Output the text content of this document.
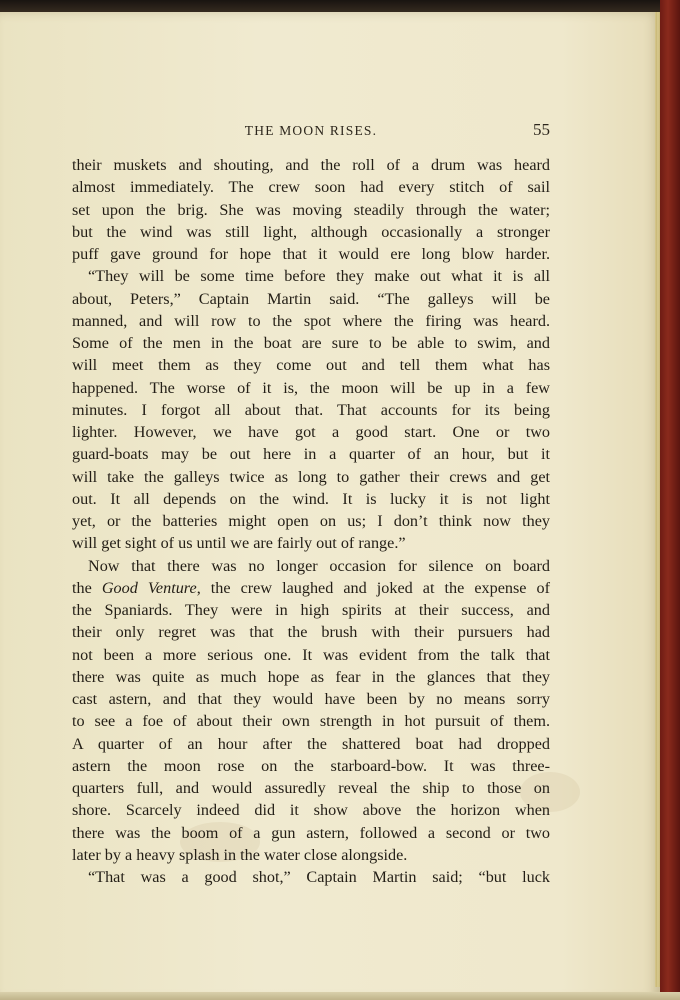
THE MOON RISES.	55
their muskets and shouting, and the roll of a drum was heard
almost immediately. The crew soon had every stitch of sail
set upon the brig. She was moving steadily through the water;
but the wind was still light, although occasionally a stronger
puff gave ground for hope that it would ere long blow harder.
“They will be some time before they make out what it is all
about, Peters,” Captain Martin said. “The galleys will be
manned, and will row to the spot where the firing was heard.
Some of the men in the boat are sure to be able to swim, and
will meet them as they come out and tell them what has
happened. The worse of it is, the moon will be up in a few
minutes. I forgot all about that. That accounts for its being
lighter. However, we have got a good start. One or two
guard-boats may be out here in a quarter of an hour, but it
will take the galleys twice as long to gather their crews and get
out. It all depends on the wind. It is lucky it is not light
yet, or the batteries might open on us; I don’t think now they
will get sight of us until we are fairly out of range.”
Now that there was no longer occasion for silence on board
the Good Venture, the crew laughed and joked at the expense of
the Spaniards. They were in high spirits at their success, and
their only regret was that the brush with their pursuers had
not been a more serious one. It was evident from the talk that
there was quite as much hope as fear in the glances that they
cast astern, and that they would have been by no means sorry
to see a foe of about their own strength in hot pursuit of them.
A quarter of an hour after the shattered boat had dropped
astern the moon rose on the starboard-bow. It was three-
quarters full, and would assuredly reveal the ship to those on
shore. Scarcely indeed did it show above the horizon when
there was the boom of a gun astern, followed a second or two
later by a heavy splash in the water close alongside.
“That was a good shot,” Captain Martin said; “but luck
